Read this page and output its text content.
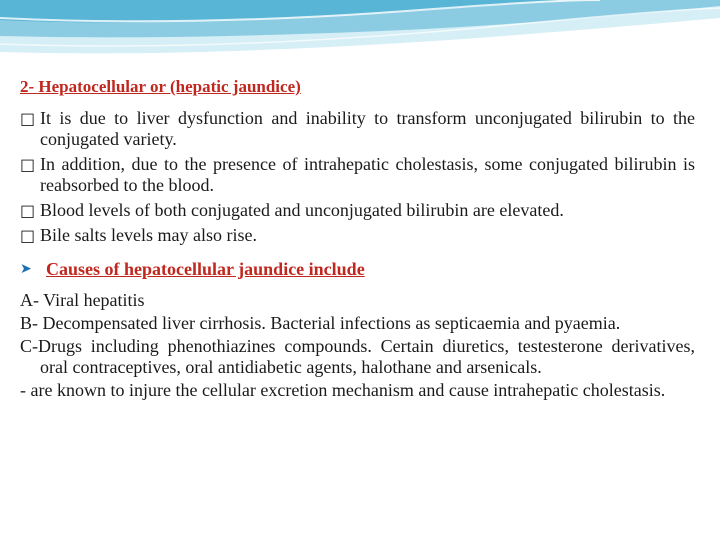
2- Hepatocellular or (hepatic jaundice)
□ It is due to liver dysfunction and inability to transform unconjugated bilirubin to the conjugated variety.
□ In addition, due to the presence of intrahepatic cholestasis, some conjugated bilirubin is reabsorbed to the blood.
□ Blood levels of both conjugated and unconjugated bilirubin are elevated.
□ Bile salts levels may also rise.
➤ Causes of hepatocellular jaundice include
A- Viral hepatitis
B- Decompensated liver cirrhosis. Bacterial infections as septicaemia and pyaemia.
C-Drugs including phenothiazines compounds. Certain diuretics, testesterone derivatives, oral contraceptives, oral antidiabetic agents, halothane and arsenicals.
- are known to injure the cellular excretion mechanism and cause intrahepatic cholestasis.
